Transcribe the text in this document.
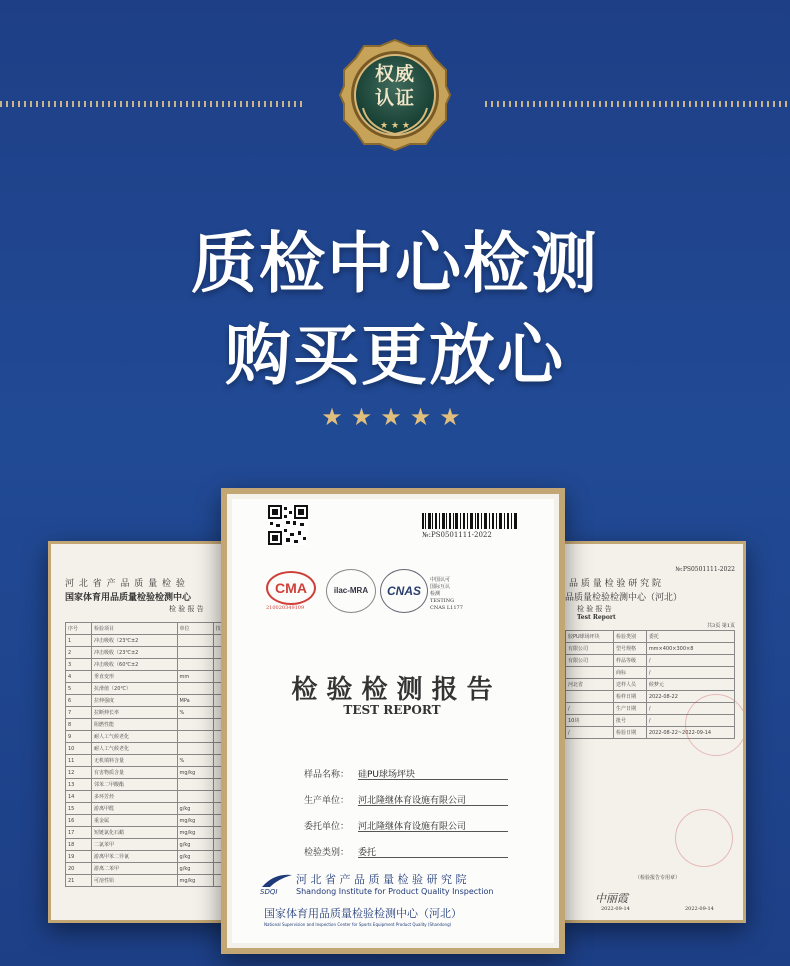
★ ★ ★
权威
认证
质检中心检测
购买更放心
★★★★★
河 北 省 产 品 质 量 检 验
国家体育用品质量检验检测中心
检 验 报 告
序号	检验项目	单位	技
1	冲击吸收（23℃±2		
2	冲击吸收（23℃±2		
3	冲击吸收（60℃±2		
4	垂直变形	mm	
5	抗滑值（20℃）		
6	拉伸强度	MPa	
7	拉断伸长率	%	
8	阻燃性能		
9	耐人工气候老化		
10	耐人工气候老化		
11	无机填料含量	%	
12	有害物质含量	mg/kg	
13	邻苯二甲酸酯		
14	多环芳烃		
15	游离甲醛	g/kg	
16	重金属	mg/kg	
17	短链氯化石蜡	mg/kg	
18	二氯苯甲	g/kg	
19	游离甲苯二异氰	g/kg	
20	游离二苯甲	g/kg	
21	可溶性铅	mg/kg	
№:PS0501111-2022
品 质 量 检 验 研 究 院
品质量检验检测中心（河北）
检 验 报 告
Test Report
共3页 第1页
胶PU球场坪块	检验类别	委托
有限公司	型号规格	mm×400×300×8
有限公司	样品等级	/
	商标	/
河北省	送样人员	候梦元
	检样日期	2022-08-22
/	生产日期	/
10块	批号	/
/	检验日期	2022-08-22~2022-09-14
（检验报告专用章）
中丽霞
2022-09-14	2022-09-14
№:PS0501111-2022
CMA
210020349109
ilac-MRA	CNAS
中国认可
国际互认
检测
TESTING
CNAS L1177
检 验 检 测 报 告
TEST REPORT
样品名称： 硅PU球场坪块
生产单位： 河北隆继体育设施有限公司
委托单位： 河北隆继体育设施有限公司
检验类别： 委托
SDQI
河 北 省 产 品 质 量 检 验 研 究 院
Shandong Institute for Product Quality Inspection
国家体育用品质量检验检测中心（河北）
National Supervision and Inspection Center for Sports Equipment Product Quality (Shandong)
